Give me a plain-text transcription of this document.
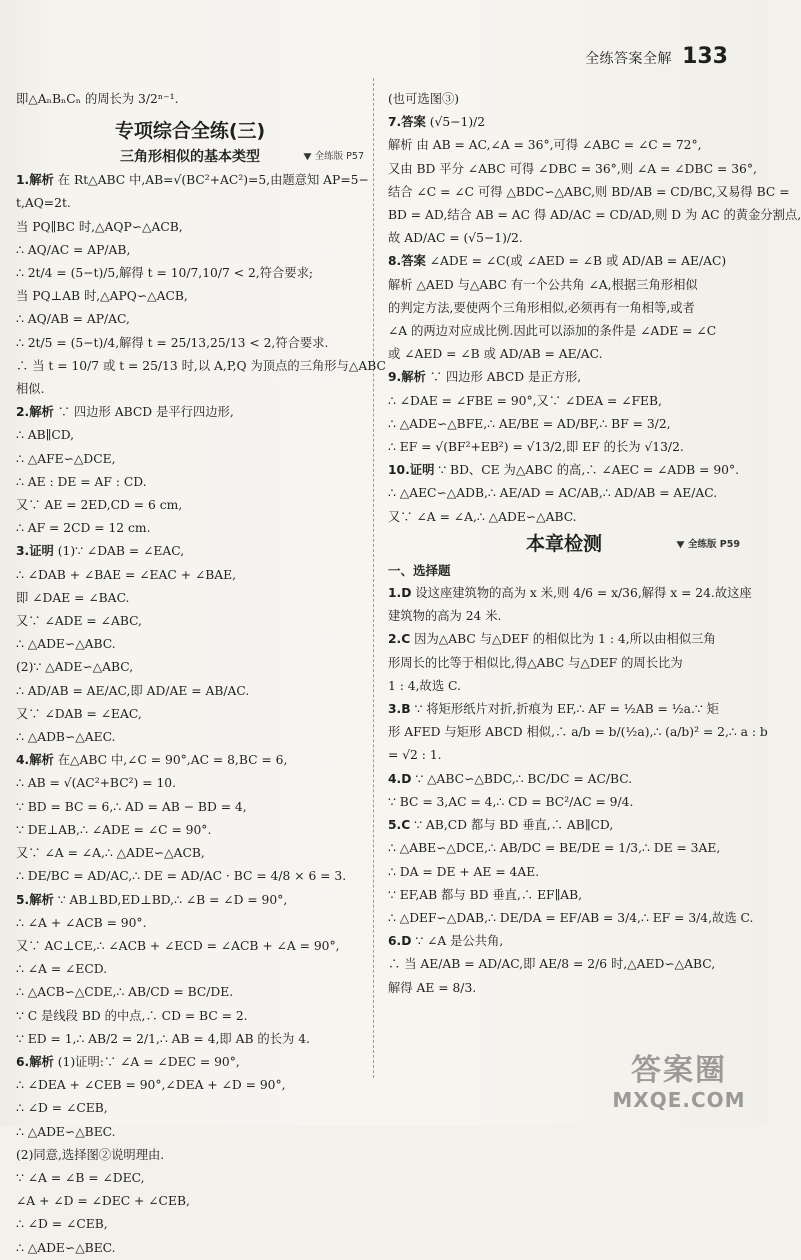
全练答案全解 133
即△AₙBₙCₙ 的周长为 3/2ⁿ⁻¹.
专项综合全练(三)
三角形相似的基本类型	全练版 P57
1.解析 在 Rt△ABC 中,AB=√(BC²+AC²)=5,由题意知 AP=5−
t,AQ=2t.
当 PQ∥BC 时,△AQP∽△ACB,
∴ AQ/AC = AP/AB,
∴ 2t/4 = (5−t)/5,解得 t = 10/7,10/7 < 2,符合要求;
当 PQ⊥AB 时,△APQ∽△ACB,
∴ AQ/AB = AP/AC,
∴ 2t/5 = (5−t)/4,解得 t = 25/13,25/13 < 2,符合要求.
∴ 当 t = 10/7 或 t = 25/13 时,以 A,P,Q 为顶点的三角形与△ABC
相似.
2.解析 ∵ 四边形 ABCD 是平行四边形,
∴ AB∥CD,
∴ △AFE∽△DCE,
∴ AE : DE = AF : CD.
又∵ AE = 2ED,CD = 6 cm,
∴ AF = 2CD = 12 cm.
3.证明 (1)∵ ∠DAB = ∠EAC,
∴ ∠DAB + ∠BAE = ∠EAC + ∠BAE,
即 ∠DAE = ∠BAC.
又∵ ∠ADE = ∠ABC,
∴ △ADE∽△ABC.
(2)∵ △ADE∽△ABC,
∴ AD/AB = AE/AC,即 AD/AE = AB/AC.
又∵ ∠DAB = ∠EAC,
∴ △ADB∽△AEC.
4.解析 在△ABC 中,∠C = 90°,AC = 8,BC = 6,
∴ AB = √(AC²+BC²) = 10.
∵ BD = BC = 6,∴ AD = AB − BD = 4,
∵ DE⊥AB,∴ ∠ADE = ∠C = 90°.
又∵ ∠A = ∠A,∴ △ADE∽△ACB,
∴ DE/BC = AD/AC,∴ DE = AD/AC · BC = 4/8 × 6 = 3.
5.解析 ∵ AB⊥BD,ED⊥BD,∴ ∠B = ∠D = 90°,
∴ ∠A + ∠ACB = 90°.
又∵ AC⊥CE,∴ ∠ACB + ∠ECD = ∠ACB + ∠A = 90°,
∴ ∠A = ∠ECD.
∴ △ACB∽△CDE,∴ AB/CD = BC/DE.
∵ C 是线段 BD 的中点,∴ CD = BC = 2.
∵ ED = 1,∴ AB/2 = 2/1,∴ AB = 4,即 AB 的长为 4.
6.解析 (1)证明:∵ ∠A = ∠DEC = 90°,
∴ ∠DEA + ∠CEB = 90°,∠DEA + ∠D = 90°,
∴ ∠D = ∠CEB,
∴ △ADE∽△BEC.
(2)同意,选择图②说明理由.
∵ ∠A = ∠B = ∠DEC,
∠A + ∠D = ∠DEC + ∠CEB,
∴ ∠D = ∠CEB,
∴ △ADE∽△BEC.
(也可选图③)
7.答案 (√5−1)/2
解析 由 AB = AC,∠A = 36°,可得 ∠ABC = ∠C = 72°,
又由 BD 平分 ∠ABC 可得 ∠DBC = 36°,则 ∠A = ∠DBC = 36°,
结合 ∠C = ∠C 可得 △BDC∽△ABC,则 BD/AB = CD/BC,又易得 BC =
BD = AD,结合 AB = AC 得 AD/AC = CD/AD,则 D 为 AC 的黄金分割点,
故 AD/AC = (√5−1)/2.
8.答案 ∠ADE = ∠C(或 ∠AED = ∠B 或 AD/AB = AE/AC)
解析 △AED 与△ABC 有一个公共角 ∠A,根据三角形相似
的判定方法,要使两个三角形相似,必须再有一角相等,或者
∠A 的两边对应成比例.因此可以添加的条件是 ∠ADE = ∠C
或 ∠AED = ∠B 或 AD/AB = AE/AC.
9.解析 ∵ 四边形 ABCD 是正方形,
∴ ∠DAE = ∠FBE = 90°,又∵ ∠DEA = ∠FEB,
∴ △ADE∽△BFE,∴ AE/BE = AD/BF,∴ BF = 3/2,
∴ EF = √(BF²+EB²) = √13/2,即 EF 的长为 √13/2.
10.证明 ∵ BD、CE 为△ABC 的高,∴ ∠AEC = ∠ADB = 90°.
∴ △AEC∽△ADB,∴ AE/AD = AC/AB,∴ AD/AB = AE/AC.
又∵ ∠A = ∠A,∴ △ADE∽△ABC.
本章检测	全练版 P59
一、选择题
1.D 设这座建筑物的高为 x 米,则 4/6 = x/36,解得 x = 24.故这座
建筑物的高为 24 米.
2.C 因为△ABC 与△DEF 的相似比为 1 : 4,所以由相似三角
形周长的比等于相似比,得△ABC 与△DEF 的周长比为
1 : 4,故选 C.
3.B ∵ 将矩形纸片对折,折痕为 EF,∴ AF = ½AB = ½a.∵ 矩
形 AFED 与矩形 ABCD 相似,∴ a/b = b/(½a),∴ (a/b)² = 2,∴ a : b
= √2 : 1.
4.D ∵ △ABC∽△BDC,∴ BC/DC = AC/BC.
∵ BC = 3,AC = 4,∴ CD = BC²/AC = 9/4.
5.C ∵ AB,CD 都与 BD 垂直,∴ AB∥CD,
∴ △ABE∽△DCE,∴ AB/DC = BE/DE = 1/3,∴ DE = 3AE,
∴ DA = DE + AE = 4AE.
∵ EF,AB 都与 BD 垂直,∴ EF∥AB,
∴ △DEF∽△DAB,∴ DE/DA = EF/AB = 3/4,∴ EF = 3/4,故选 C.
6.D ∵ ∠A 是公共角,
∴ 当 AE/AB = AD/AC,即 AE/8 = 2/6 时,△AED∽△ABC,
解得 AE = 8/3.
答案圈
MXQE.COM
